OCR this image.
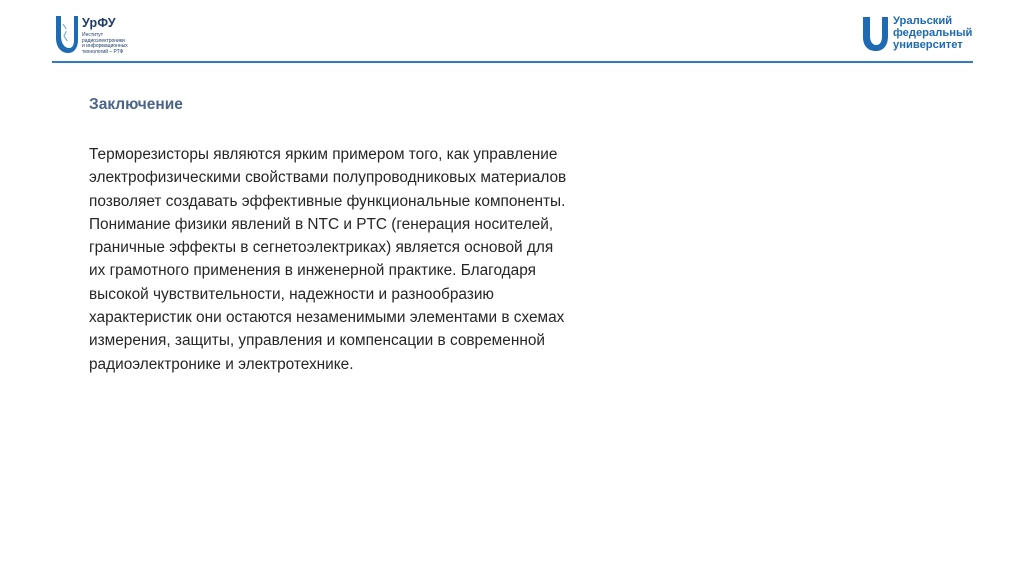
УрФУ
Институт
радиоэлектроники
и информационных
технологий – РТФ
Уральский
федеральный
университет
Заключение

Терморезисторы являются ярким примером того, как управление
электрофизическими свойствами полупроводниковых материалов
позволяет создавать эффективные функциональные компоненты.
Понимание физики явлений в NTC и PTC (генерация носителей,
граничные эффекты в сегнетоэлектриках) является основой для
их грамотного применения в инженерной практике. Благодаря
высокой чувствительности, надежности и разнообразию
характеристик они остаются незаменимыми элементами в схемах
измерения, защиты, управления и компенсации в современной
радиоэлектронике и электротехнике.
